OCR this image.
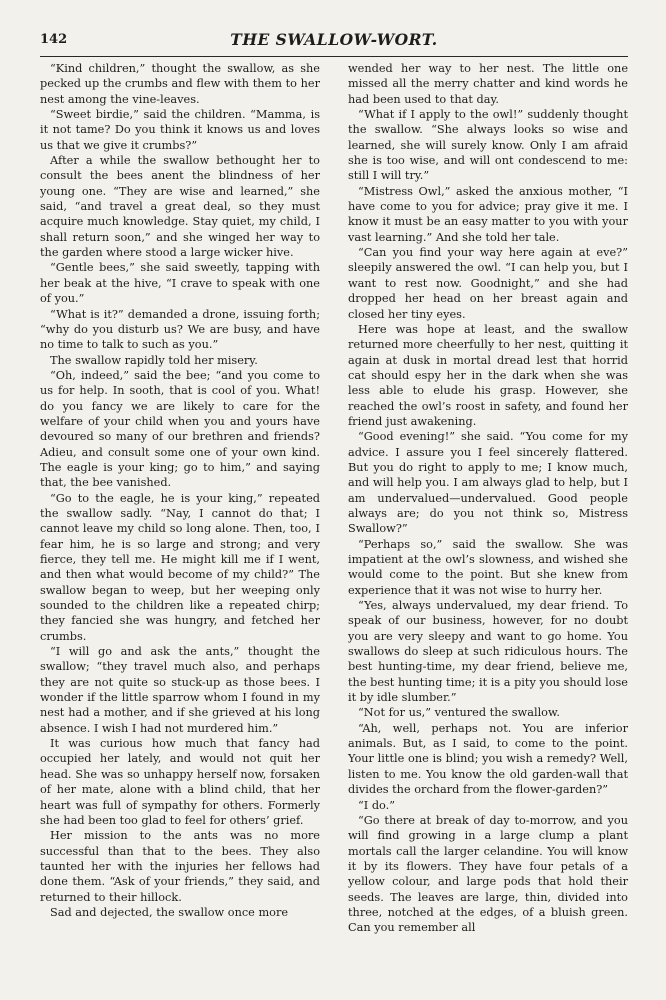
142	THE SWALLOW-WORT.

“Kind children,” thought the swallow, as she pecked up the crumbs and flew with them to her nest among the vine-leaves.

“Sweet birdie,” said the children. “Mamma, is it not tame? Do you think it knows us and loves us that we give it crumbs?”

After a while the swallow bethought her to consult the bees anent the blindness of her young one. “They are wise and learned,” she said, “and travel a great deal, so they must acquire much knowledge. Stay quiet, my child, I shall return soon,” and she winged her way to the garden where stood a large wicker hive.

“Gentle bees,” she said sweetly, tapping with her beak at the hive, “I crave to speak with one of you.”

“What is it?” demanded a drone, issuing forth; “why do you disturb us? We are busy, and have no time to talk to such as you.”

The swallow rapidly told her misery.

“Oh, indeed,” said the bee; “and you come to us for help. In sooth, that is cool of you. What! do you fancy we are likely to care for the welfare of your child when you and yours have devoured so many of our brethren and friends? Adieu, and consult some one of your own kind. The eagle is your king; go to him,” and saying that, the bee vanished.

“Go to the eagle, he is your king,” repeated the swallow sadly. “Nay, I cannot do that; I cannot leave my child so long alone. Then, too, I fear him, he is so large and strong; and very fierce, they tell me. He might kill me if I went, and then what would become of my child?” The swallow began to weep, but her weeping only sounded to the children like a repeated chirp; they fancied she was hungry, and fetched her crumbs.

“I will go and ask the ants,” thought the swallow; “they travel much also, and perhaps they are not quite so stuck-up as those bees. I wonder if the little sparrow whom I found in my nest had a mother, and if she grieved at his long absence. I wish I had not murdered him.”

It was curious how much that fancy had occupied her lately, and would not quit her head. She was so unhappy herself now, forsaken of her mate, alone with a blind child, that her heart was full of sympathy for others. Formerly she had been too glad to feel for others’ grief.

Her mission to the ants was no more successful than that to the bees. They also taunted her with the injuries her fellows had done them. “Ask of your friends,” they said, and returned to their hillock.

Sad and dejected, the swallow once more

wended her way to her nest. The little one missed all the merry chatter and kind words he had been used to that day.

“What if I apply to the owl!” suddenly thought the swallow. “She always looks so wise and learned, she will surely know. Only I am afraid she is too wise, and will ont condescend to me: still I will try.”

“Mistress Owl,” asked the anxious mother, “I have come to you for advice; pray give it me. I know it must be an easy matter to you with your vast learning.” And she told her tale.

“Can you find your way here again at eve?” sleepily answered the owl. “I can help you, but I want to rest now. Goodnight,” and she had dropped her head on her breast again and closed her tiny eyes.

Here was hope at least, and the swallow returned more cheerfully to her nest, quitting it again at dusk in mortal dread lest that horrid cat should espy her in the dark when she was less able to elude his grasp. However, she reached the owl’s roost in safety, and found her friend just awakening.

“Good evening!” she said. “You come for my advice. I assure you I feel sincerely flattered. But you do right to apply to me; I know much, and will help you. I am always glad to help, but I am undervalued—undervalued. Good people always are; do you not think so, Mistress Swallow?”

“Perhaps so,” said the swallow. She was impatient at the owl’s slowness, and wished she would come to the point. But she knew from experience that it was not wise to hurry her.

“Yes, always undervalued, my dear friend. To speak of our business, however, for no doubt you are very sleepy and want to go home. You swallows do sleep at such ridiculous hours. The best hunting-time, my dear friend, believe me, the best hunting time; it is a pity you should lose it by idle slumber.”

“Not for us,” ventured the swallow.

“Ah, well, perhaps not. You are inferior animals. But, as I said, to come to the point. Your little one is blind; you wish a remedy? Well, listen to me. You know the old garden-wall that divides the orchard from the flower-garden?”

“I do.”

“Go there at break of day to-morrow, and you will find growing in a large clump a plant mortals call the larger celandine. You will know it by its flowers. They have four petals of a yellow colour, and large pods that hold their seeds. The leaves are large, thin, divided into three, notched at the edges, of a bluish green. Can you remember all
